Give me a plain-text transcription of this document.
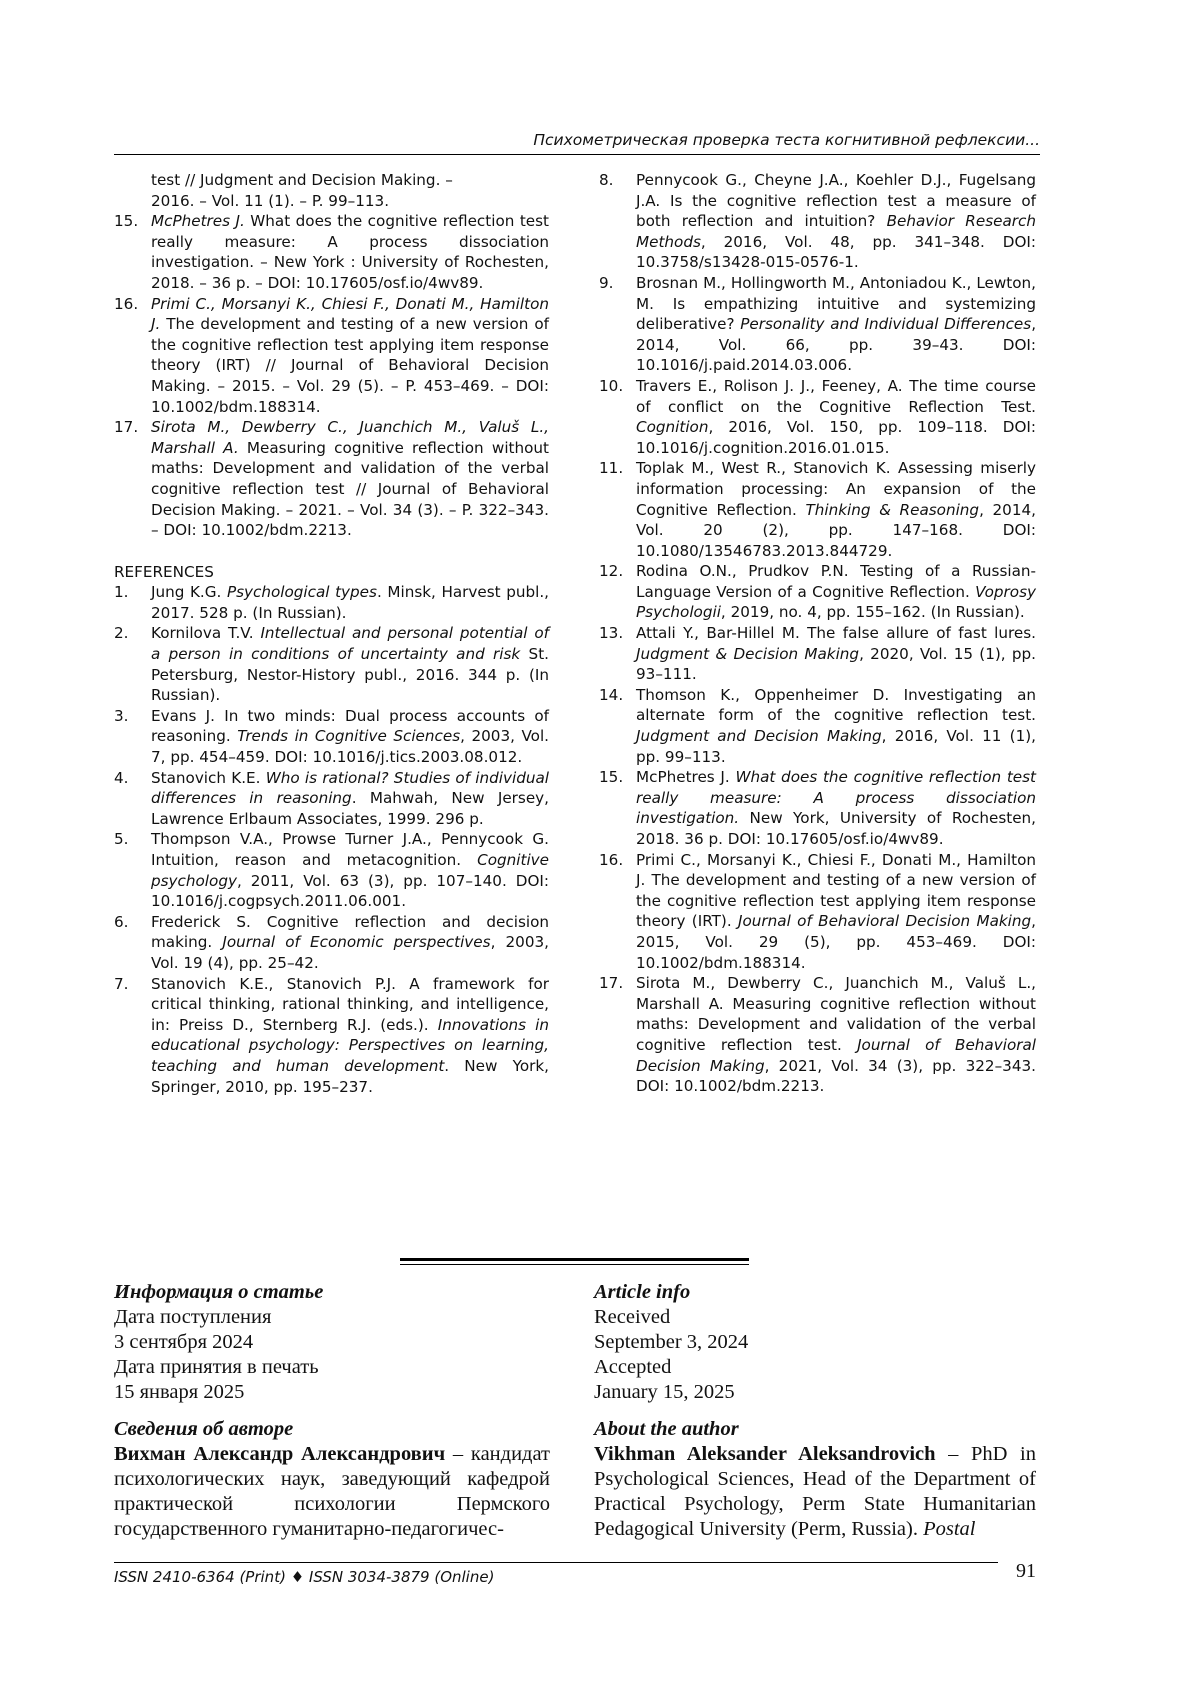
Психометрическая проверка теста когнитивной рефлексии...
test // Judgment and Decision Making. –
2016. – Vol. 11 (1). – P. 99–113.
15. McPhetres J. What does the cognitive reflection test really measure: A process dissociation investigation. – New York : University of Rochesten, 2018. – 36 p. – DOI: 10.17605/osf.io/4wv89.
16. Primi C., Morsanyi K., Chiesi F., Donati M., Hamilton J. The development and testing of a new version of the cognitive reflection test applying item response theory (IRT) // Journal of Behavioral Decision Making. – 2015. – Vol. 29 (5). – P. 453–469. – DOI: 10.1002/bdm.188314.
17. Sirota M., Dewberry C., Juanchich M., Valuš L., Marshall A. Measuring cognitive reflection without maths: Development and validation of the verbal cognitive reflection test // Journal of Behavioral Decision Making. – 2021. – Vol. 34 (3). – P. 322–343. – DOI: 10.1002/bdm.2213.
REFERENCES
1.	Jung K.G. Psychological types. Minsk, Harvest publ., 2017. 528 p. (In Russian).
2.	Kornilova T.V. Intellectual and personal potential of a person in conditions of uncertainty and risk St. Petersburg, Nestor-History publ., 2016. 344 p. (In Russian).
3.	Evans J. In two minds: Dual process accounts of reasoning. Trends in Cognitive Sciences, 2003, Vol. 7, pp. 454–459. DOI: 10.1016/j.tics.2003.08.012.
4.	Stanovich K.E. Who is rational? Studies of individual differences in reasoning. Mahwah, New Jersey, Lawrence Erlbaum Associates, 1999. 296 p.
5.	Thompson V.A., Prowse Turner J.A., Pennycook G. Intuition, reason and metacognition. Cognitive psychology, 2011, Vol. 63 (3), pp. 107–140. DOI: 10.1016/j.cogpsych.2011.06.001.
6.	Frederick S. Cognitive reflection and decision making. Journal of Economic perspectives, 2003, Vol. 19 (4), pp. 25–42.
7.	Stanovich K.E., Stanovich P.J. A framework for critical thinking, rational thinking, and intelligence, in: Preiss D., Sternberg R.J. (eds.). Innovations in educational psychology: Perspectives on learning, teaching and human development. New York, Springer, 2010, pp. 195–237.
8.	Pennycook G., Cheyne J.A., Koehler D.J., Fugelsang J.A. Is the cognitive reflection test a measure of both reflection and intuition? Behavior Research Methods, 2016, Vol. 48, pp. 341–348. DOI: 10.3758/s13428-015-0576-1.
9.	Brosnan M., Hollingworth M., Antoniadou K., Lewton, M. Is empathizing intuitive and systemizing deliberative? Personality and Individual Differences, 2014, Vol. 66, pp. 39–43. DOI: 10.1016/j.paid.2014.03.006.
10. Travers E., Rolison J. J., Feeney, A. The time course of conflict on the Cognitive Reflection Test. Cognition, 2016, Vol. 150, pp. 109–118. DOI: 10.1016/j.cognition.2016.01.015.
11. Toplak M., West R., Stanovich K. Assessing miserly information processing: An expansion of the Cognitive Reflection. Thinking & Reasoning, 2014, Vol. 20 (2), pp. 147–168. DOI: 10.1080/13546783.2013.844729.
12. Rodina O.N., Prudkov P.N. Testing of a Russian-Language Version of a Cognitive Reflection. Voprosy Psychologii, 2019, no. 4, pp. 155–162. (In Russian).
13. Attali Y., Bar-Hillel M. The false allure of fast lures. Judgment & Decision Making, 2020, Vol. 15 (1), pp. 93–111.
14. Thomson K., Oppenheimer D. Investigating an alternate form of the cognitive reflection test. Judgment and Decision Making, 2016, Vol. 11 (1), pp. 99–113.
15. McPhetres J. What does the cognitive reflection test really measure: A process dissociation investigation. New York, University of Rochesten, 2018. 36 p. DOI: 10.17605/osf.io/4wv89.
16. Primi C., Morsanyi K., Chiesi F., Donati M., Hamilton J. The development and testing of a new version of the cognitive reflection test applying item response theory (IRT). Journal of Behavioral Decision Making, 2015, Vol. 29 (5), pp. 453–469. DOI: 10.1002/bdm.188314.
17. Sirota M., Dewberry C., Juanchich M., Valuš L., Marshall A. Measuring cognitive reflection without maths: Development and validation of the verbal cognitive reflection test. Journal of Behavioral Decision Making, 2021, Vol. 34 (3), pp. 322–343. DOI: 10.1002/bdm.2213.
Информация о статье
Дата поступления
3 сентября 2024
Дата принятия в печать
15 января 2025
Сведения об авторе
Вихман Александр Александрович – кандидат психологических наук, заведующий кафедрой практической психологии Пермского государственного гуманитарно-педагогичес-
Article info
Received
September 3, 2024
Accepted
January 15, 2025
About the author
Vikhman Aleksander Aleksandrovich – PhD in Psychological Sciences, Head of the Department of Practical Psychology, Perm State Humanitarian Pedagogical University (Perm, Russia). Postal
ISSN 2410-6364 (Print) ♦ ISSN 3034-3879 (Online)	91
